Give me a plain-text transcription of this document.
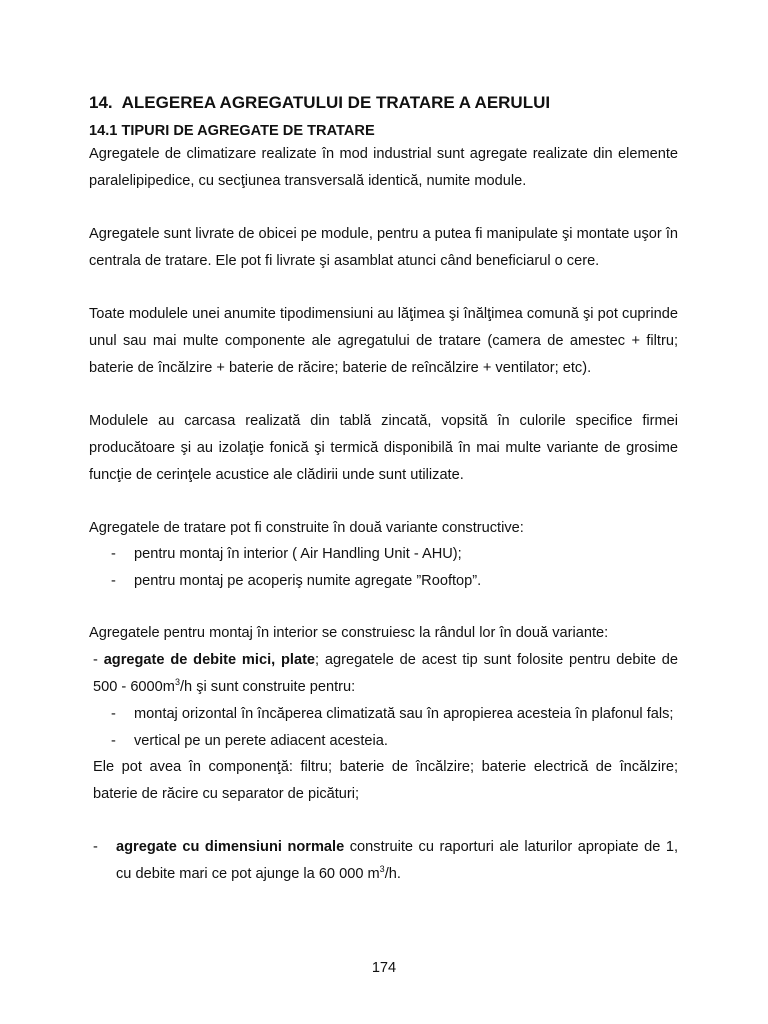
14. ALEGEREA AGREGATULUI DE TRATARE A AERULUI
14.1 TIPURI DE AGREGATE DE TRATARE

Agregatele de climatizare realizate în mod industrial sunt agregate realizate din elemente paralelipipedice, cu secţiunea transversală identică, numite module.

Agregatele sunt livrate de obicei pe module, pentru a putea fi manipulate şi montate uşor în centrala de tratare. Ele pot fi livrate şi asamblat atunci când beneficiarul o cere.

Toate modulele unei anumite tipodimensiuni au lăţimea şi înălţimea comună şi pot cuprinde unul sau mai multe componente ale agregatului de tratare (camera de amestec + filtru; baterie de încălzire + baterie de răcire; baterie de reîncălzire + ventilator; etc).

Modulele au carcasa realizată din tablă zincată, vopsită în culorile specifice firmei producătoare şi au izolaţie fonică şi termică disponibilă în mai multe variante de grosime funcţie de cerinţele acustice ale clădirii unde sunt utilizate.

Agregatele de tratare pot fi construite în două variante constructive:

- pentru montaj în interior ( Air Handling Unit - AHU);
- pentru montaj pe acoperiş numite agregate ”Rooftop”.

Agregatele pentru montaj în interior se construiesc la rândul lor în două variante:

- agregate de debite mici, plate; agregatele de acest tip sunt folosite pentru debite de $500 - 6000m^3/h$ şi sunt construite pentru:

- montaj orizontal în încăperea climatizată sau în apropierea acesteia în plafonul fals;
- vertical pe un perete adiacent acesteia.

Ele pot avea în componenţă: filtru; baterie de încălzire; baterie electrică de încălzire; baterie de răcire cu separator de picături;

- agregate cu dimensiuni normale construite cu raporturi ale laturilor apropiate de 1, cu debite mari ce pot ajunge la 60 000 $m^3/h$.
174
